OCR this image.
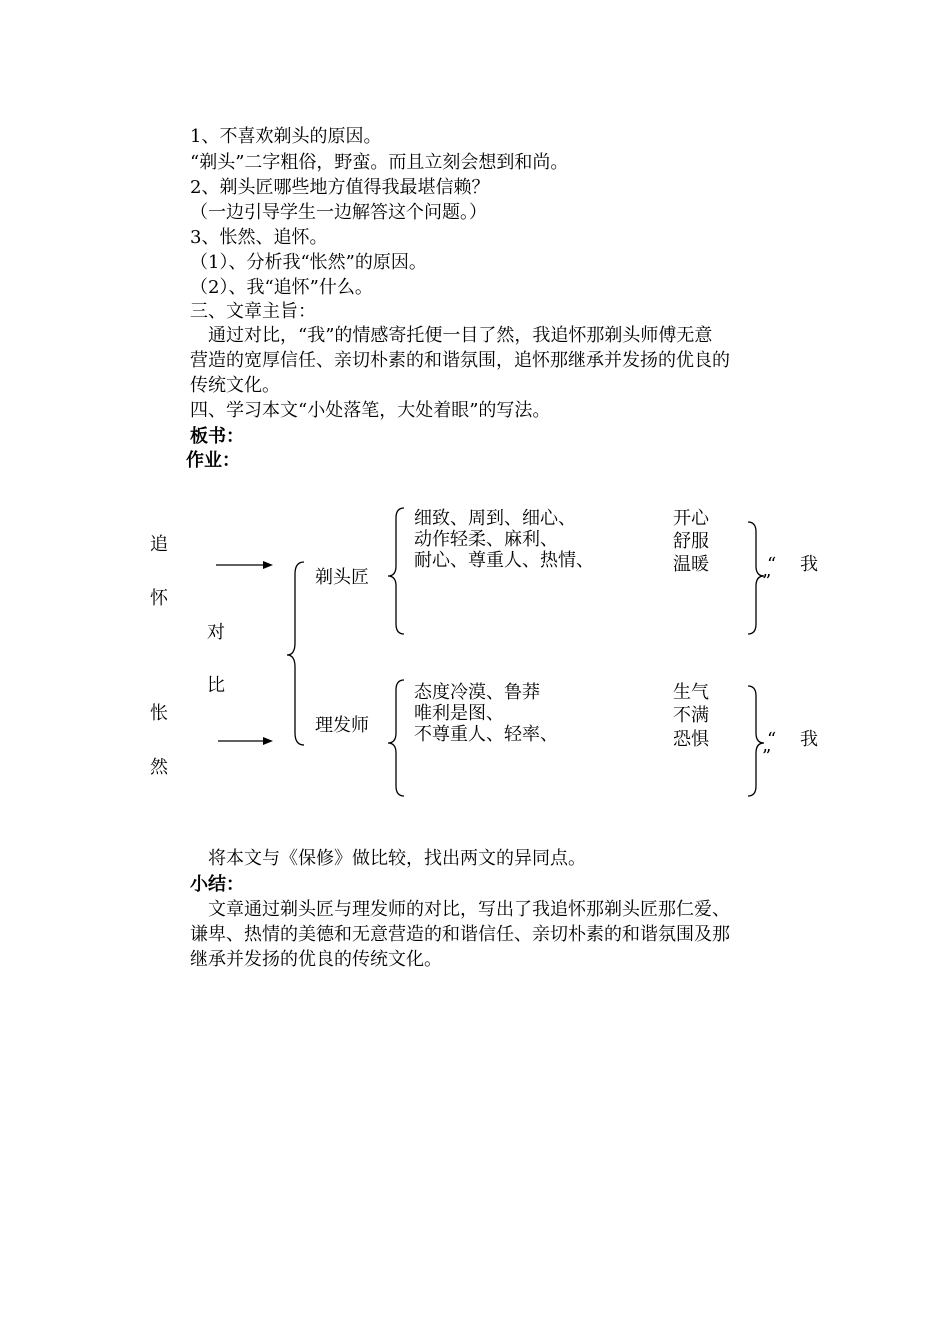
1、不喜欢剃头的原因。
“剃头”二字粗俗，野蛮。而且立刻会想到和尚。
2、剃头匠哪些地方值得我最堪信赖？
（一边引导学生一边解答这个问题。）
3、怅然、追怀。
（1）、分析我“怅然”的原因。
（2）、我“追怀”什么。
三、文章主旨：
　通过对比，“我”的情感寄托便一目了然，我追怀那剃头师傅无意
营造的宽厚信任、亲切朴素的和谐氛围，追怀那继承并发扬的优良的
传统文化。
四、学习本文“小处落笔，大处着眼”的写法。
板书：
作业：
追
怀
怅
然
对
比
剃头匠
细致、周到、细心、
动作轻柔、麻利、
耐心、尊重人、热情、
开心
舒服
温暖	“ 我
”
理发师
态度冷漠、鲁莽
唯利是图、
不尊重人、轻率、
生气
不满
恐惧	“ 我
”
　将本文与《保修》做比较，找出两文的异同点。
小结：
　文章通过剃头匠与理发师的对比，写出了我追怀那剃头匠那仁爱、
谦卑、热情的美德和无意营造的和谐信任、亲切朴素的和谐氛围及那
继承并发扬的优良的传统文化。
